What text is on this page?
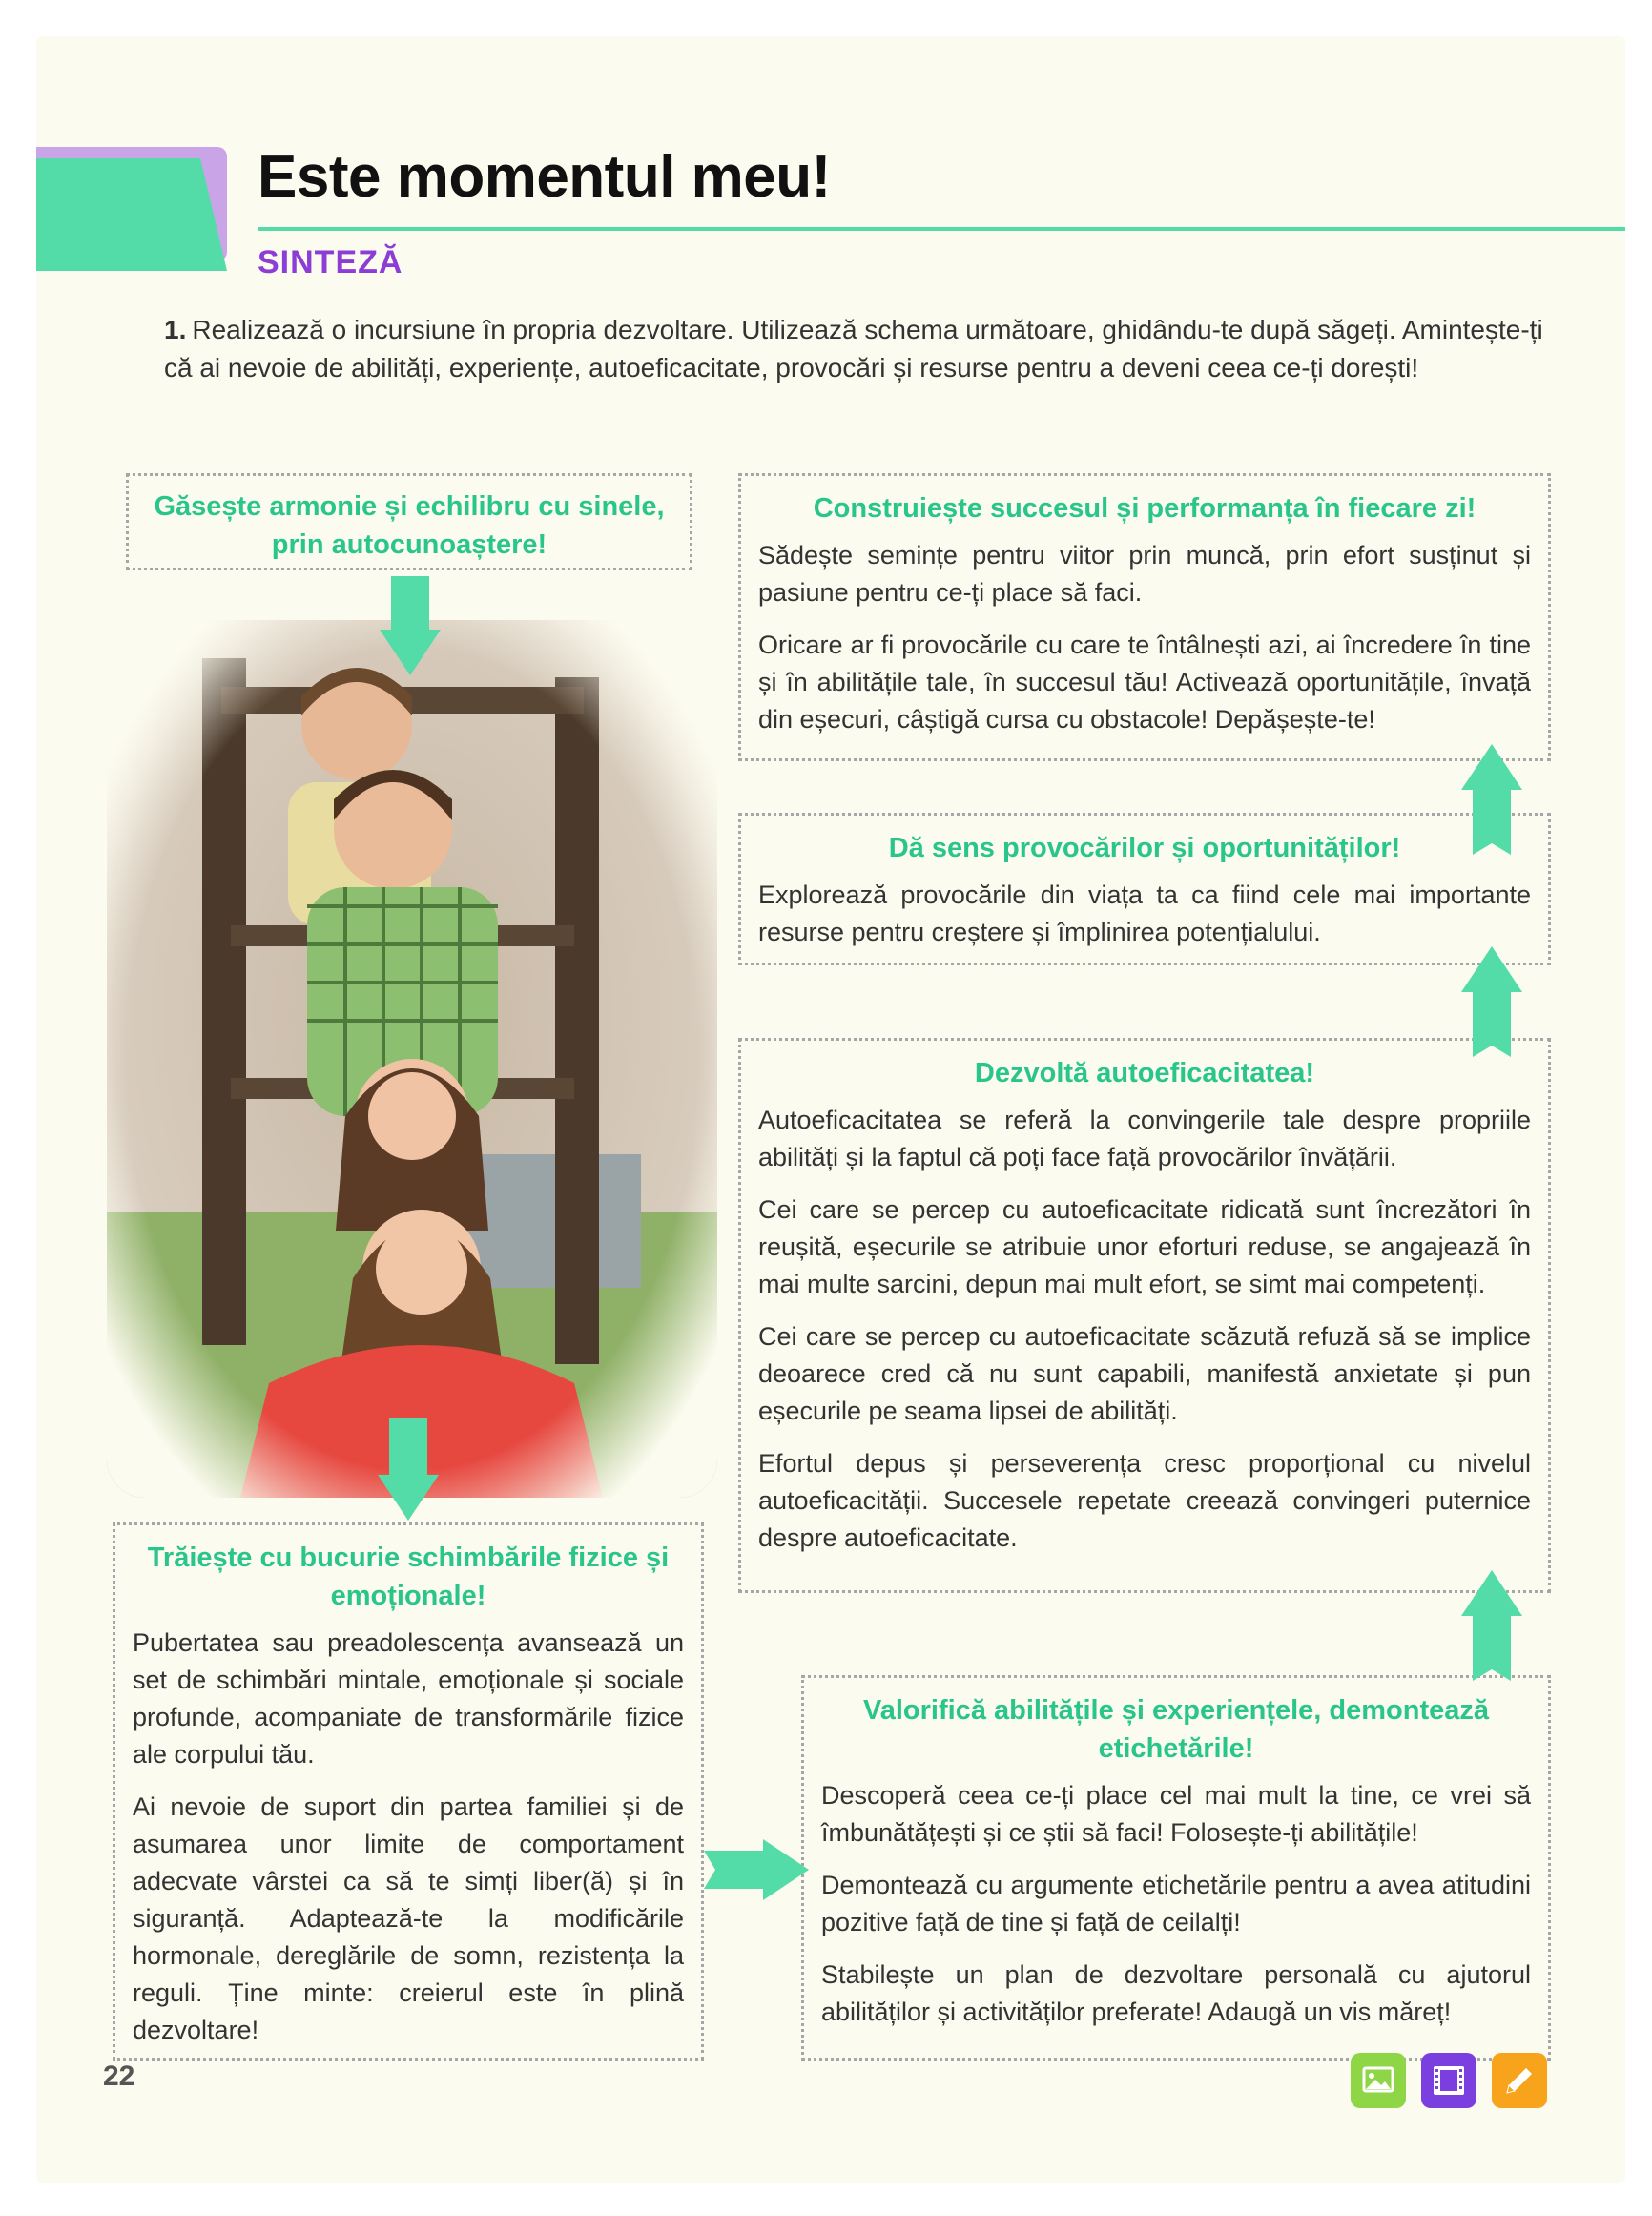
Este momentul meu!
SINTEZĂ
1. Realizează o incursiune în propria dezvoltare. Utilizează schema următoare, ghidându-te după săgeți. Amintește-ți că ai nevoie de abilități, experiențe, autoeficacitate, provocări și resurse pentru a deveni ceea ce-ți dorești!
Găsește armonie și echilibru cu sinele, prin autocunoaștere!
Construiește succesul și performanța în fiecare zi!

Sădește semințe pentru viitor prin muncă, prin efort susținut și pasiune pentru ce-ți place să faci.

Oricare ar fi provocările cu care te întâlnești azi, ai încredere în tine și în abilitățile tale, în succesul tău! Activează oportunitățile, învață din eșecuri, câștigă cursa cu obstacole! Depășește-te!

Dă sens provocărilor și oportunităților!

Explorează provocările din viața ta ca fiind cele mai importante resurse pentru creștere și împlinirea potențialului.

Dezvoltă autoeficacitatea!

Autoeficacitatea se referă la convingerile tale despre propriile abilități și la faptul că poți face față provocărilor învățării.

Cei care se percep cu autoeficacitate ridicată sunt încrezători în reușită, eșecurile se atribuie unor eforturi reduse, se angajează în mai multe sarcini, depun mai mult efort, se simt mai competenți.

Cei care se percep cu autoeficacitate scăzută refuză să se implice deoarece cred că nu sunt capabili, manifestă anxietate și pun eșecurile pe seama lipsei de abilități.

Efortul depus și perseverența cresc proporțional cu nivelul autoeficacității. Succesele repetate creează convingeri puternice despre autoeficacitate.

Trăiește cu bucurie schimbările fizice și emoționale!

Pubertatea sau preadolescența avansează un set de schimbări mintale, emoționale și sociale profunde, acompaniate de transformările fizice ale corpului tău.

Ai nevoie de suport din partea familiei și de asumarea unor limite de comportament adecvate vârstei ca să te simți liber(ă) și în siguranță. Adaptează-te la modificările hormonale, dereglările de somn, rezistența la reguli. Ține minte: creierul este în plină dezvoltare!

Valorifică abilitățile și experiențele, demontează etichetările!

Descoperă ceea ce-ți place cel mai mult la tine, ce vrei să îmbunătățești și ce știi să faci! Folosește-ți abilitățile!

Demontează cu argumente etichetările pentru a avea atitudini pozitive față de tine și față de ceilalți!

Stabilește un plan de dezvoltare personală cu ajutorul abilităților și activităților preferate! Adaugă un vis măreț!

22
